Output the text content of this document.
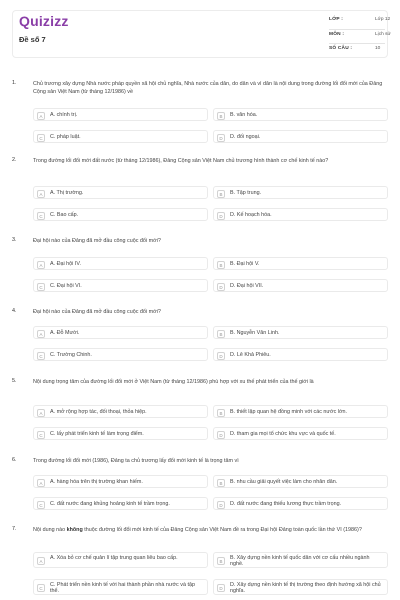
Quizizz
Đề số 7
LỚP :	Lớp 12
MÔN :	Lịch sử
SỐ CÂU :	10
1.	Chủ trương xây dựng Nhà nước pháp quyền xã hội chủ nghĩa, Nhà nước của dân, do dân và vì dân là nội dung trong đường lối đổi mới của Đảng Cộng sản Việt Nam (từ tháng 12/1986) về
A	A. chính trị.	B	B. văn hóa.
C	C. pháp luật.	D	D. đối ngoại.
2.	Trong đường lối đổi mới đất nước (từ tháng 12/1986), Đảng Cộng sản Việt Nam chủ trương hình thành cơ chế kinh tế nào?
A	A. Thị trường.	B	B. Tập trung.
C	C. Bao cấp.	D	D. Kế hoạch hóa.
3.	Đại hội nào của Đảng đã mở đầu công cuộc đổi mới?
A	A. Đại hội IV.	B	B. Đại hội V.
C	C. Đại hội VI.	D	D. Đại hội VII.
4.	Đại hội nào của Đảng đã mở đầu công cuộc đổi mới?
A	A. Đỗ Mười.	B	B. Nguyễn Văn Linh.
C	C. Trường Chinh.	D	D. Lê Khả Phiêu.
5.	Nội dung trọng tâm của đường lối đổi mới ở Việt Nam (từ tháng 12/1986) phù hợp với xu thế phát triển của thế giới là
A	A. mở rộng hợp tác, đối thoại, thỏa hiệp.	B	B. thiết lập quan hệ đồng minh với các nước lớn.
C	C. lấy phát triển kinh tế làm trọng điểm.	D	D. tham gia mọi tổ chức khu vực và quốc tế.
6.	Trong đường lối đổi mới (1986), Đảng ta chủ trương lấy đổi mới kinh tế là trọng tâm vì
A	A. hàng hóa trên thị trường khan hiếm.	B	B. nhu cầu giải quyết việc làm cho nhân dân.
C	C. đất nước đang khủng hoảng kinh tế trầm trọng.	D	D. đất nước đang thiếu lương thực trầm trọng.
7.	Nội dung nào không thuộc đường lối đổi mới kinh tế của Đảng Cộng sản Việt Nam đề ra trong Đại hội Đảng toàn quốc lần thứ VI (1986)?
A
A. Xóa bỏ cơ chế quản lí tập trung quan liêu bao cấp.
B
B. Xây dựng nền kinh tế quốc dân với cơ cấu nhiều ngành nghề.
C
C. Phát triển nền kinh tế với hai thành phần nhà nước và tập thể.	D
D. Xây dựng nền kinh tế thị trường theo định hướng xã hội chủ nghĩa.
